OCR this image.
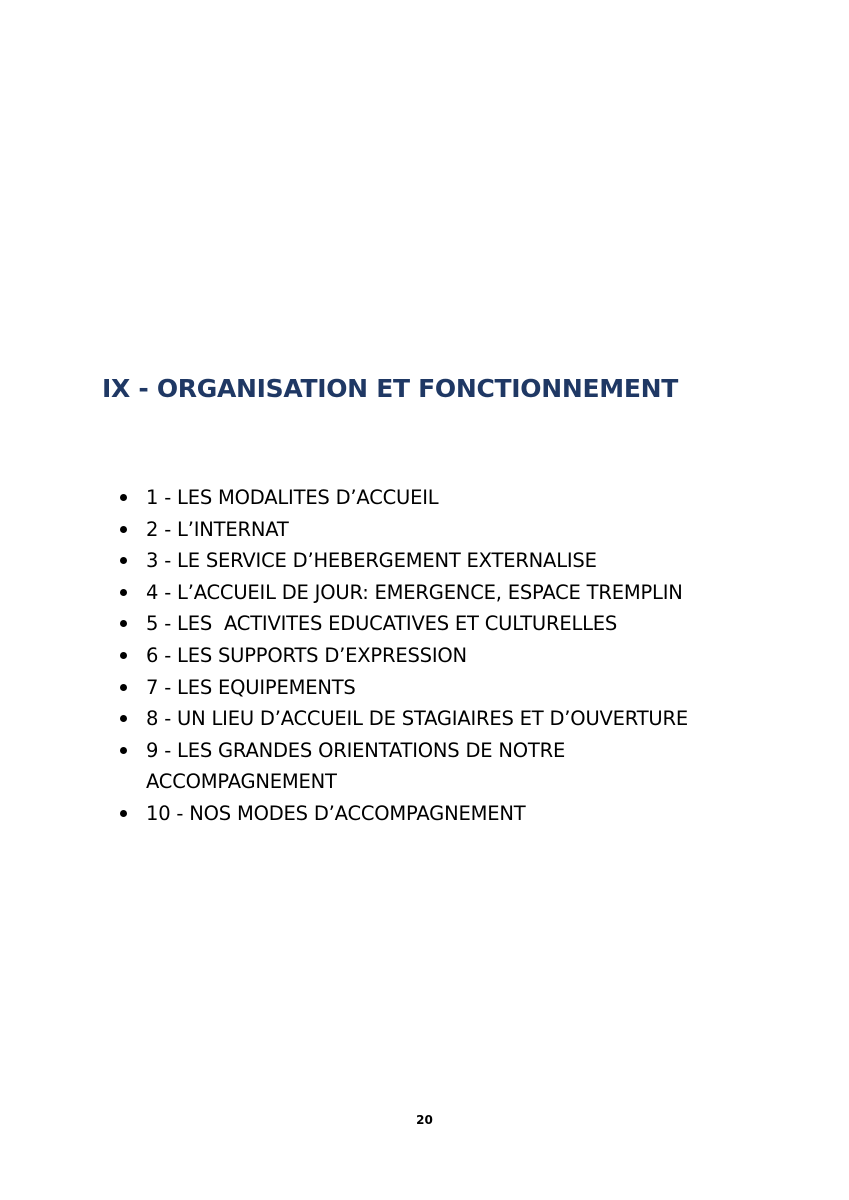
IX - ORGANISATION ET FONCTIONNEMENT
1 - LES MODALITES D’ACCUEIL
2 - L’INTERNAT
3 - LE SERVICE D’HEBERGEMENT EXTERNALISE
4 - L’ACCUEIL DE JOUR: EMERGENCE, ESPACE TREMPLIN
5 - LES  ACTIVITES EDUCATIVES ET CULTURELLES
6 - LES SUPPORTS D’EXPRESSION
7 - LES EQUIPEMENTS
8 - UN LIEU D’ACCUEIL DE STAGIAIRES ET D’OUVERTURE
9 - LES GRANDES ORIENTATIONS DE NOTRE ACCOMPAGNEMENT
10 - NOS MODES D’ACCOMPAGNEMENT
20
